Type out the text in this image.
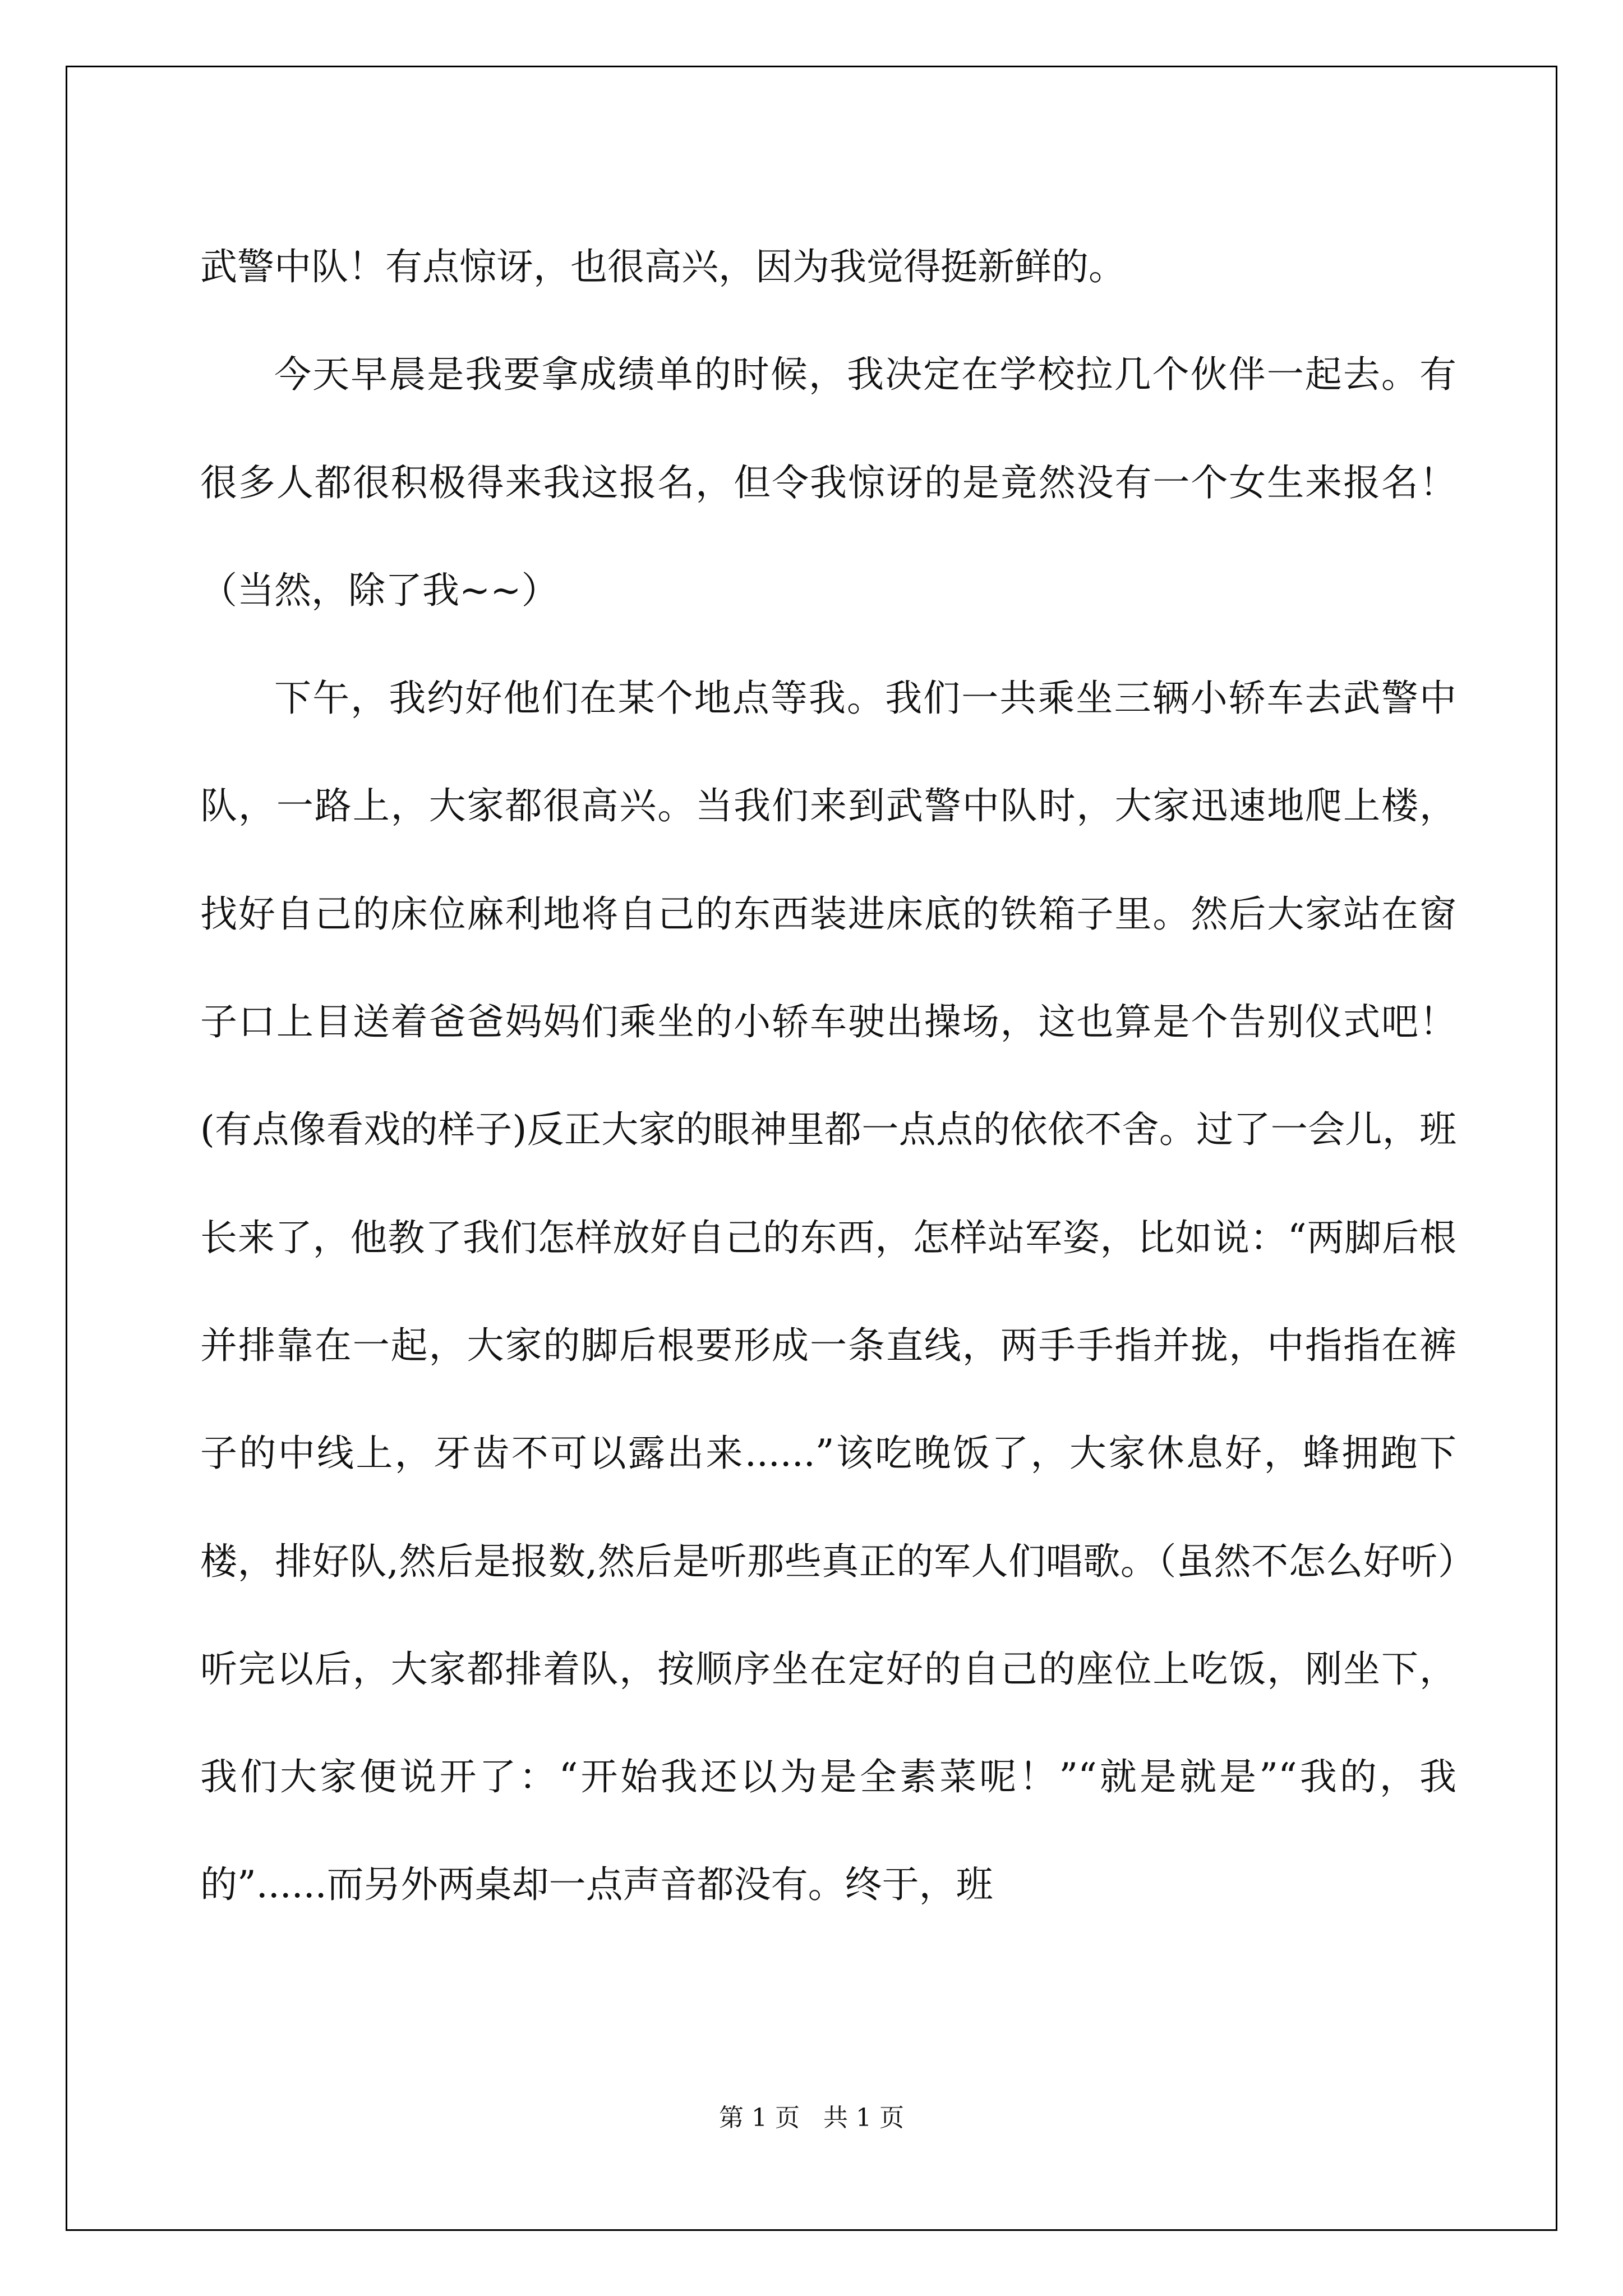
武警中队！有点惊讶，也很高兴，因为我觉得挺新鲜的。

今天早晨是我要拿成绩单的时候，我决定在学校拉几个伙伴一起去。有很多人都很积极得来我这报名，但令我惊讶的是竟然没有一个女生来报名！（当然，除了我~~）

下午，我约好他们在某个地点等我。我们一共乘坐三辆小轿车去武警中队，一路上，大家都很高兴。当我们来到武警中队时，大家迅速地爬上楼，找好自己的床位麻利地将自己的东西装进床底的铁箱子里。然后大家站在窗子口上目送着爸爸妈妈们乘坐的小轿车驶出操场，这也算是个告别仪式吧！(有点像看戏的样子)反正大家的眼神里都一点点的依依不舍。过了一会儿，班长来了，他教了我们怎样放好自己的东西，怎样站军姿，比如说：“两脚后根并排靠在一起，大家的脚后根要形成一条直线，两手手指并拢，中指指在裤子的中线上，牙齿不可以露出来......”该吃晚饭了，大家休息好，蜂拥跑下楼，排好队,然后是报数,然后是听那些真正的军人们唱歌。（虽然不怎么好听）听完以后，大家都排着队，按顺序坐在定好的自己的座位上吃饭，刚坐下，我们大家便说开了：“开始我还以为是全素菜呢！”“就是就是”“我的，我的”......而另外两桌却一点声音都没有。终于，班

第 1 页   共 1 页
